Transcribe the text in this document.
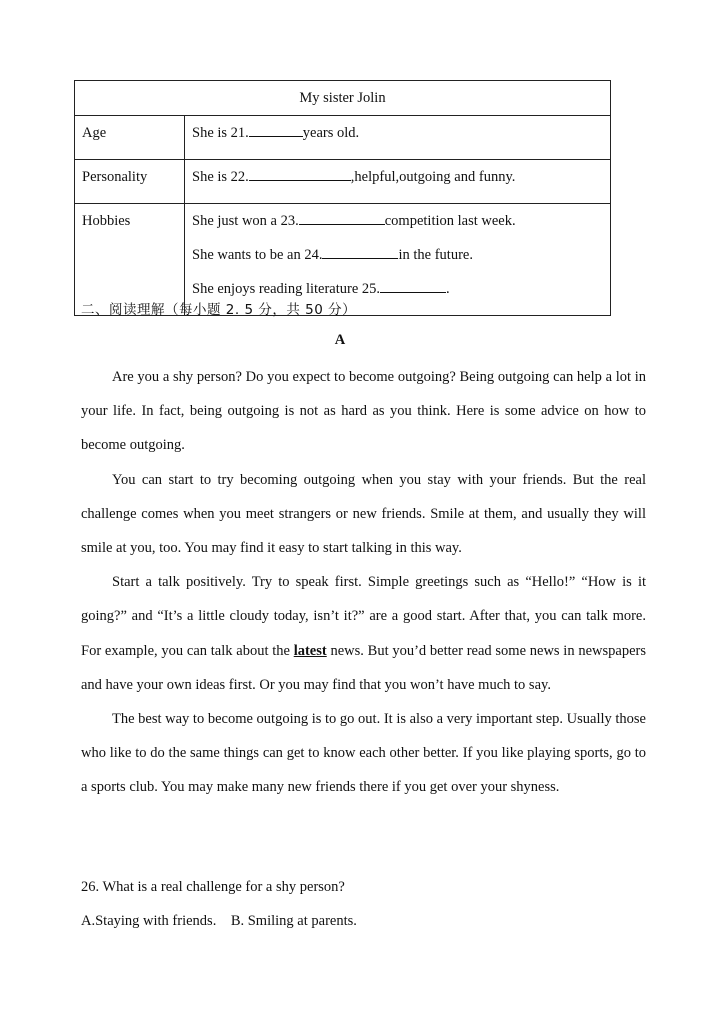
My sister Jolin	
Age	She is 21. years old.

Personality	She is 22. ,helpful,outgoing and funny.

Hobbies	She just won a 23. competition last week.
She wants to be an 24. in the future.
She enjoys reading literature 25. .
二、阅读理解（每小题 2. 5 分，共 50 分）
A

Are you a shy person? Do you expect to become outgoing? Being outgoing can help a lot in your life. In fact, being outgoing is not as hard as you think. Here is some advice on how to become outgoing.

You can start to try becoming outgoing when you stay with your friends. But the real challenge comes when you meet strangers or new friends. Smile at them, and usually they will smile at you, too. You may find it easy to start talking in this way.

Start a talk positively. Try to speak first. Simple greetings such as “Hello!” “How is it going?” and “It’s a little cloudy today, isn’t it?” are a good start. After that, you can talk more. For example, you can talk about the latest news. But you’d better read some news in newspapers and have your own ideas first. Or you may find that you won’t have much to say.

The best way to become outgoing is to go out. It is also a very important step. Usually those who like to do the same things can get to know each other better. If you like playing sports, go to a sports club. You may make many new friends there if you get over your shyness.

26. What is a real challenge for a shy person?
A.Staying with friends.    B. Smiling at parents.
